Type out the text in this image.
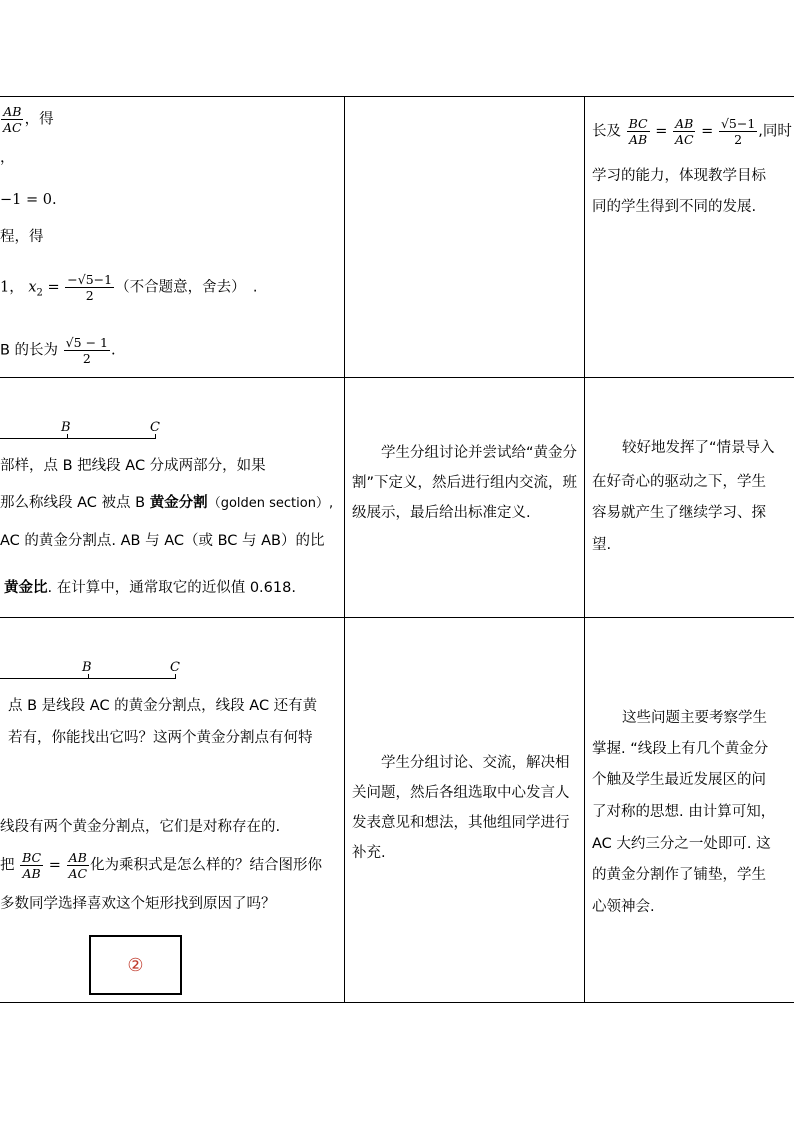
$\frac{AB}{AC}$ ，得
，
−1 = 0.
程，得
1， $x_2 = \frac{-√5-1}{2}$ （不合题意，舍去）　.
B 的长为 $\frac{√5 - 1}{2}$ .
长及 $\frac{BC}{AB} = \frac{AB}{AC} = \frac{√5-1}{2}$ ,同时
学习的能力，体现教学目标
同的学生得到不同的发展.
B	C
部样，点 B 把线段 AC 分成两部分，如果
那么称线段 AC 被点 B 黄金分割（golden section）,
AC 的黄金分割点. AB 与 AC（或 BC 与 AB）的比
黄金比. 在计算中，通常取它的近似值 0.618.
学生分组讨论并尝试给“黄金分割”下定义，然后进行组内交流，班级展示，最后给出标准定义.
较好地发挥了“情景导入
在好奇心的驱动之下，学生
容易就产生了继续学习、探
望.
B	C
点 B 是线段 AC 的黄金分割点，线段 AC 还有黄
若有，你能找出它吗？这两个黄金分割点有何特
线段有两个黄金分割点，它们是对称存在的.
把 $\frac{BC}{AB} = \frac{AB}{AC}$ 化为乘积式是怎么样的？结合图形你
多数同学选择喜欢这个矩形找到原因了吗？
②
学生分组讨论、交流，解决相关问题，然后各组选取中心发言人发表意见和想法，其他组同学进行补充.
这些问题主要考察学生
掌握. “线段上有几个黄金分
个触及学生最近发展区的问
了对称的思想. 由计算可知，
AC 大约三分之一处即可. 这
的黄金分割作了铺垫，学生
心领神会.
